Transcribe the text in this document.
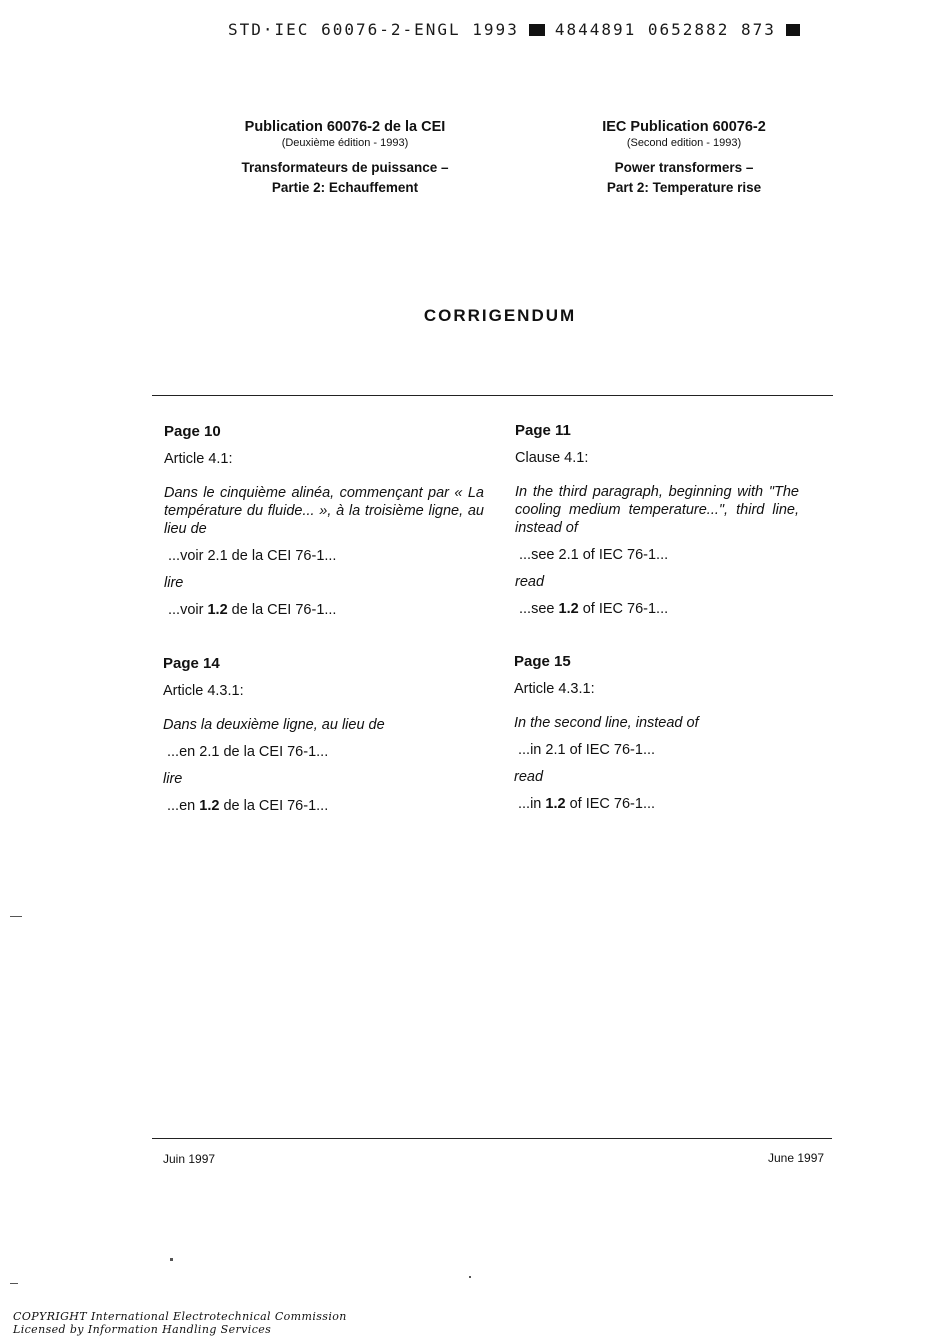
STD·IEC 60076-2-ENGL 1993 4844891 0652882 873
Publication 60076-2 de la CEI
(Deuxième édition - 1993)
Transformateurs de puissance –
Partie 2: Echauffement
IEC Publication 60076-2
(Second edition - 1993)
Power transformers –
Part 2: Temperature rise
CORRIGENDUM
Page 10
Article 4.1:
Dans le cinquième alinéa, commençant par « La température du fluide... », à la troisième ligne, au lieu de
...voir 2.1 de la CEI 76-1...
lire
...voir 1.2 de la CEI 76-1...
Page 11
Clause 4.1:
In the third paragraph, beginning with "The cooling medium temperature...", third line, instead of
...see 2.1 of IEC 76-1...
read
...see 1.2 of IEC 76-1...
Page 14
Article 4.3.1:
Dans la deuxième ligne, au lieu de
...en 2.1 de la CEI 76-1...
lire
...en 1.2 de la CEI 76-1...
Page 15
Article 4.3.1:
In the second line, instead of
...in 2.1 of IEC 76-1...
read
...in 1.2 of IEC 76-1...
Juin 1997	June 1997
COPYRIGHT International Electrotechnical Commission
Licensed by Information Handling Services
